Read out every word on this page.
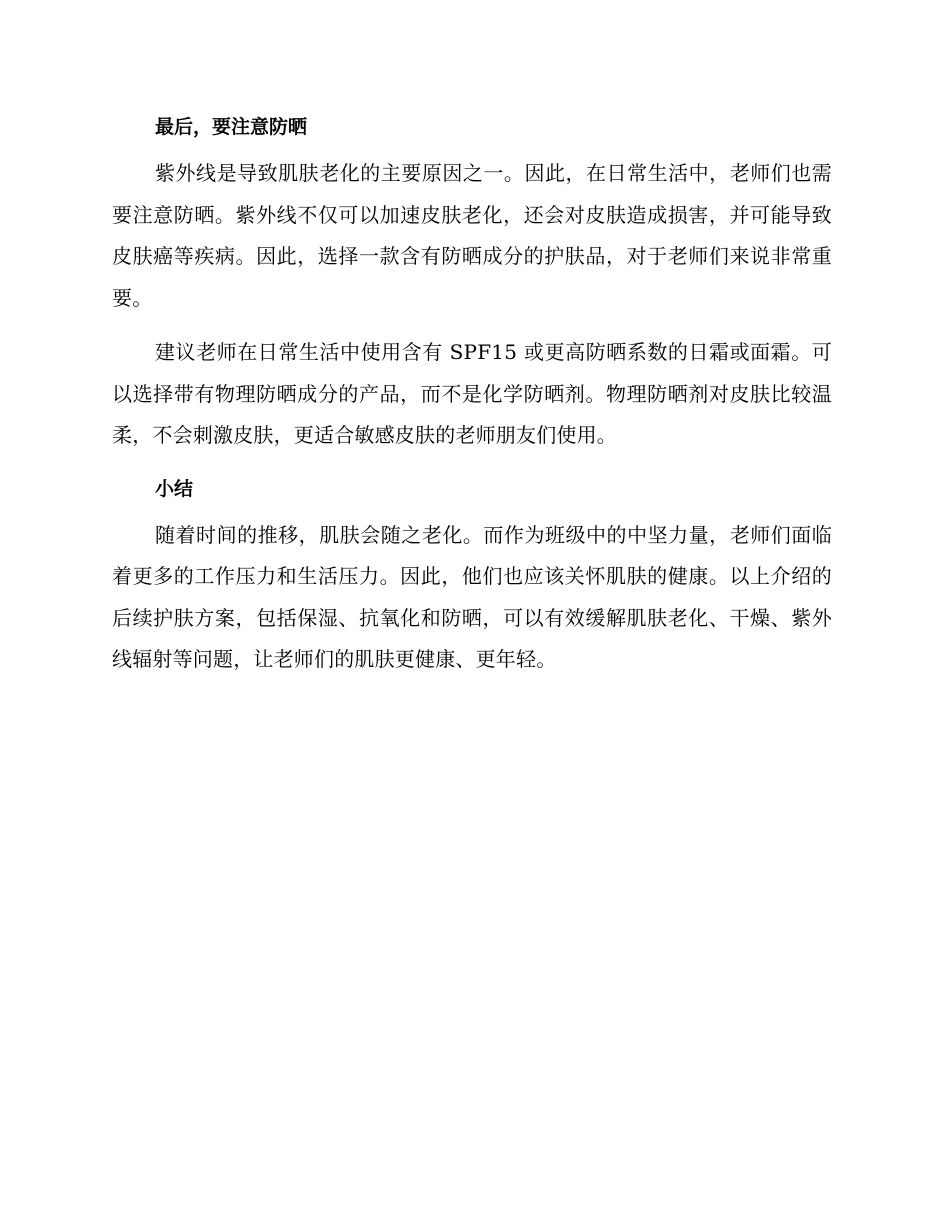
最后，要注意防晒

紫外线是导致肌肤老化的主要原因之一。因此，在日常生活中，老师们也需要注意防晒。紫外线不仅可以加速皮肤老化，还会对皮肤造成损害，并可能导致皮肤癌等疾病。因此，选择一款含有防晒成分的护肤品，对于老师们来说非常重要。

建议老师在日常生活中使用含有 SPF15 或更高防晒系数的日霜或面霜。可以选择带有物理防晒成分的产品，而不是化学防晒剂。物理防晒剂对皮肤比较温柔，不会刺激皮肤，更适合敏感皮肤的老师朋友们使用。

小结

随着时间的推移，肌肤会随之老化。而作为班级中的中坚力量，老师们面临着更多的工作压力和生活压力。因此，他们也应该关怀肌肤的健康。以上介绍的后续护肤方案，包括保湿、抗氧化和防晒，可以有效缓解肌肤老化、干燥、紫外线辐射等问题，让老师们的肌肤更健康、更年轻。
